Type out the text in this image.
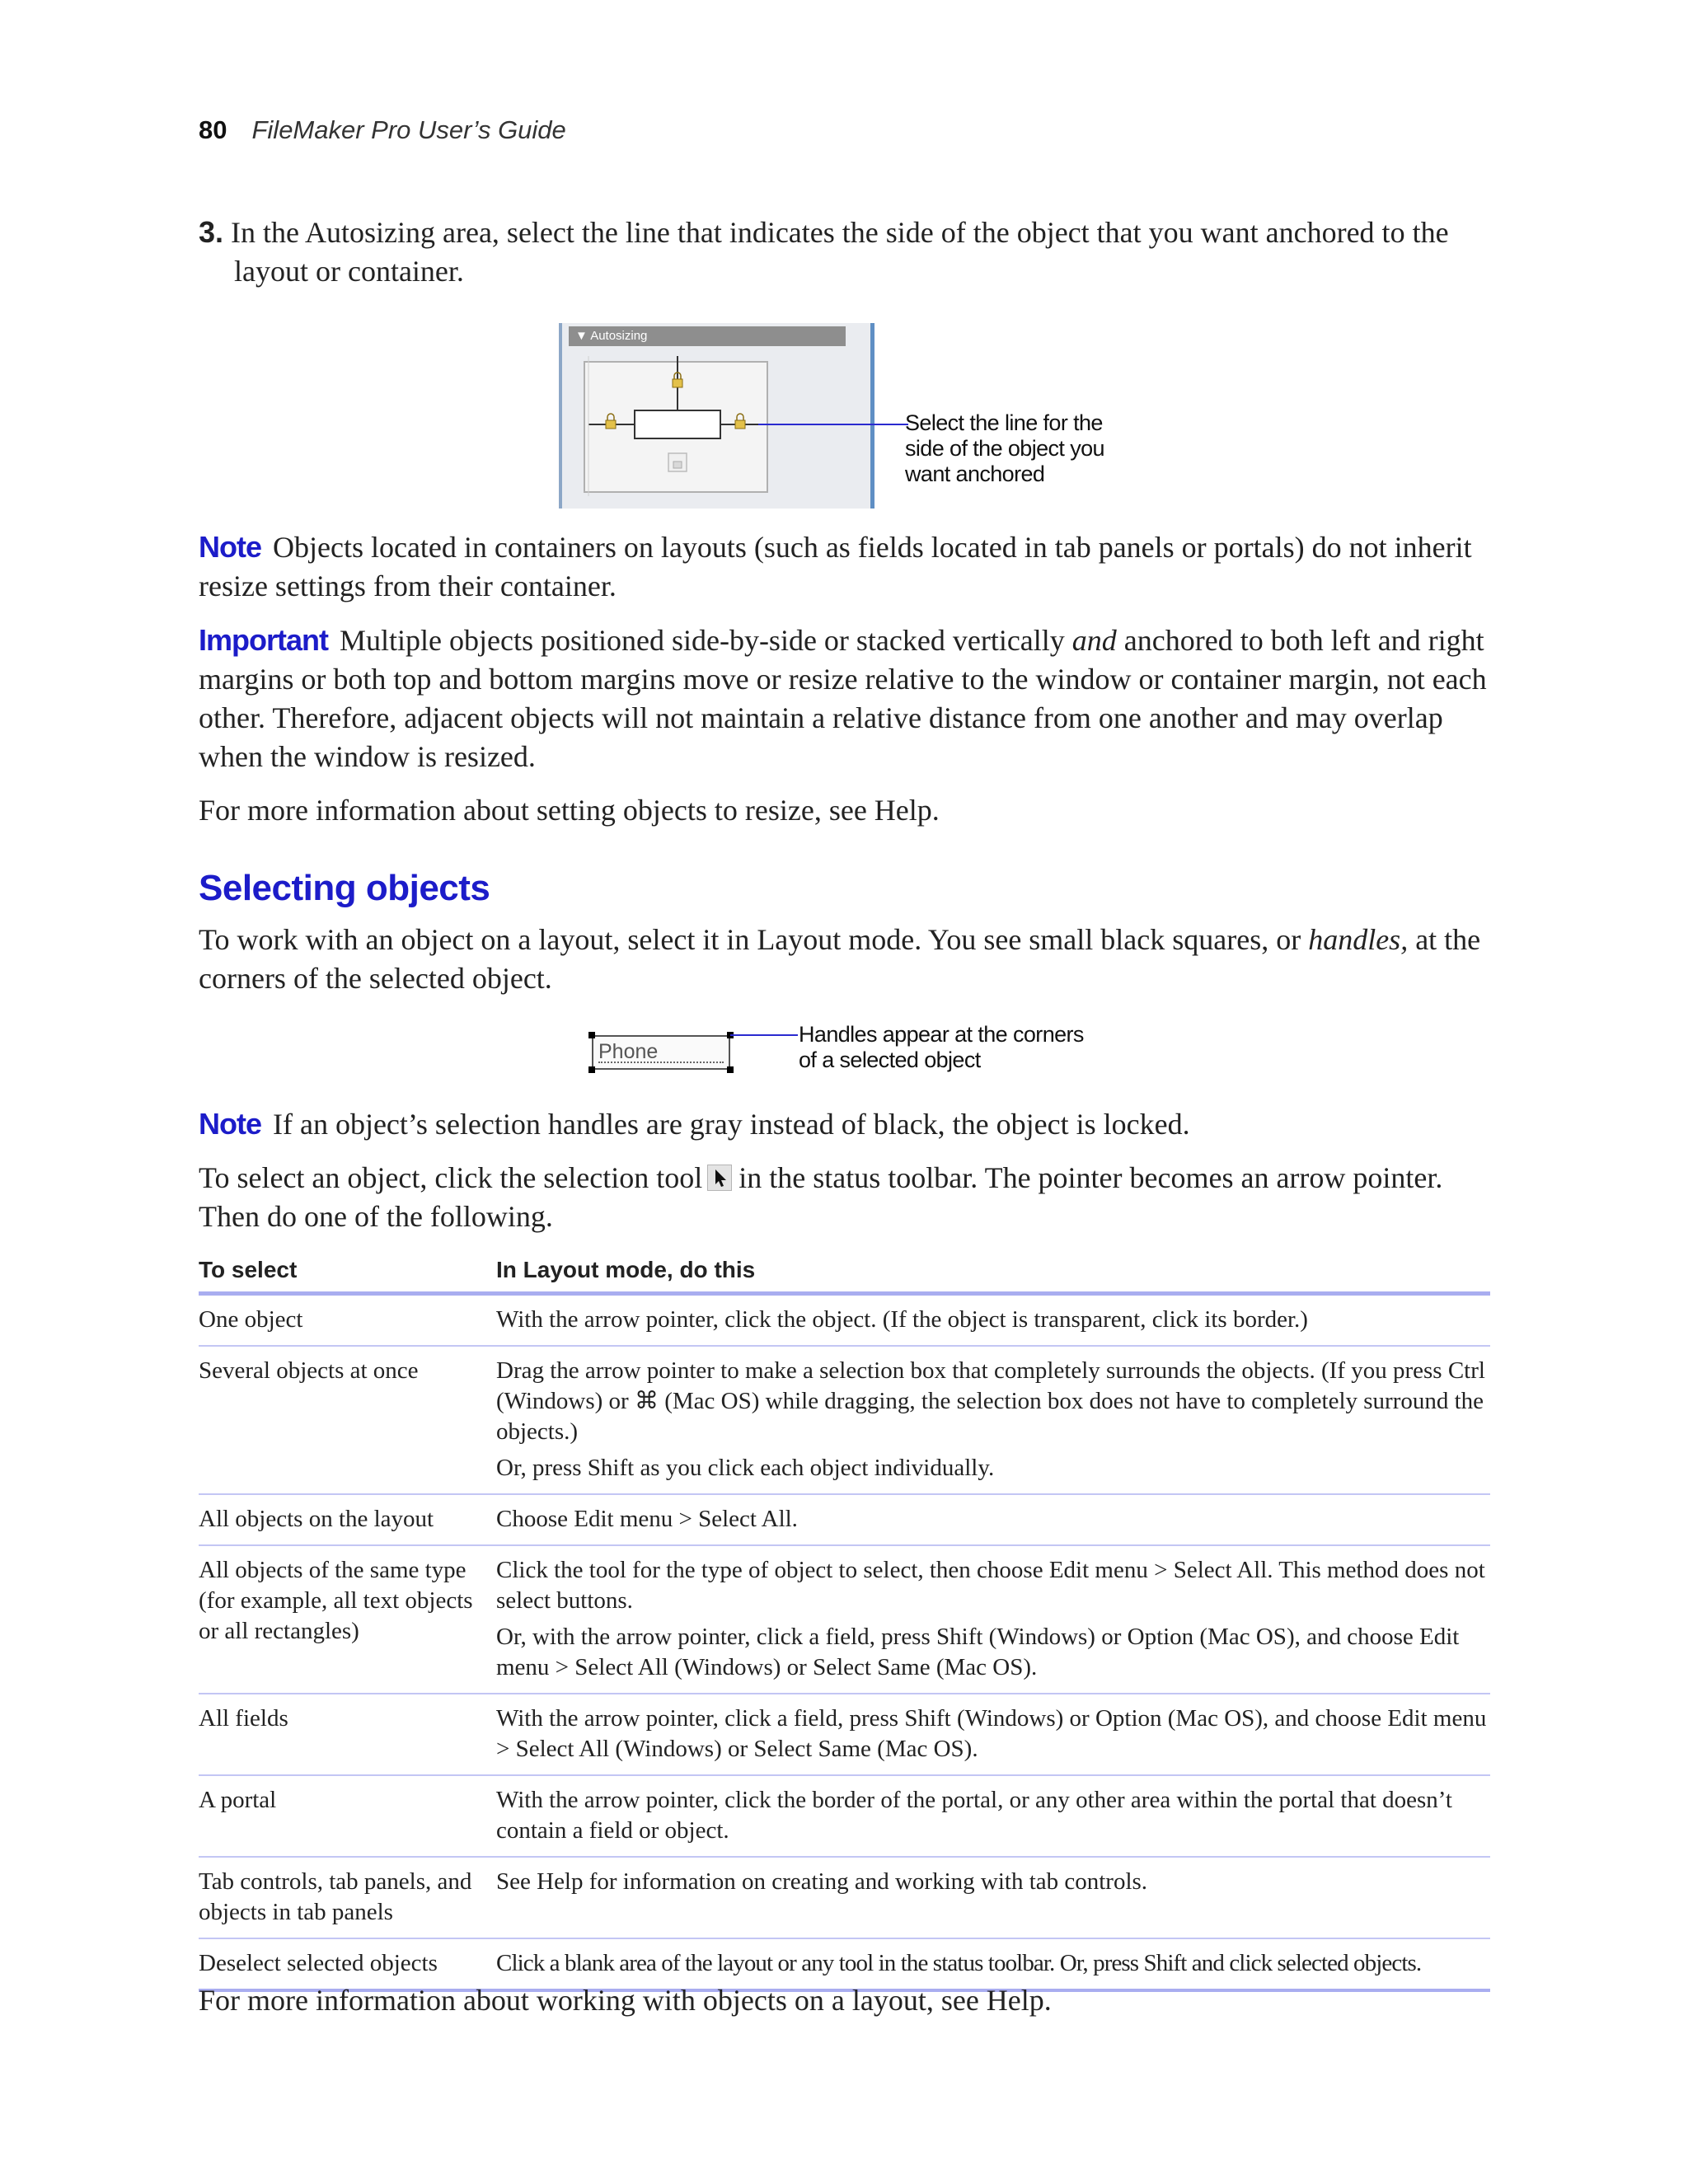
80 FileMaker Pro User’s Guide

3. In the Autosizing area, select the line that indicates the side of the object that you want anchored to the layout or container.

▼ Autosizing
Select the line for the
side of the object you
want anchored

Note Objects located in containers on layouts (such as fields located in tab panels or portals) do not inherit resize settings from their container.

Important Multiple objects positioned side-by-side or stacked vertically and anchored to both left and right margins or both top and bottom margins move or resize relative to the window or container margin, not each other. Therefore, adjacent objects will not maintain a relative distance from one another and may overlap when the window is resized.

For more information about setting objects to resize, see Help.

Selecting objects

To work with an object on a layout, select it in Layout mode. You see small black squares, or handles, at the corners of the selected object.

Phone
Handles appear at the corners
of a selected object

Note If an object’s selection handles are gray instead of black, the object is locked.

To select an object, click the selection tool in the status toolbar. The pointer becomes an arrow pointer. Then do one of the following.

To select	In Layout mode, do this
One object	With the arrow pointer, click the object. (If the object is transparent, click its border.)

Several objects at once	Drag the arrow pointer to make a selection box that completely surrounds the objects. (If you press Ctrl (Windows) or ⌘ (Mac OS) while dragging, the selection box does not have to completely surround the objects.)

Or, press Shift as you click each object individually.

All objects on the layout	Choose Edit menu > Select All.

All objects of the same type (for example, all text objects or all rectangles)	Click the tool for the type of object to select, then choose Edit menu > Select All. This method does not select buttons.

Or, with the arrow pointer, click a field, press Shift (Windows) or Option (Mac OS), and choose Edit menu > Select All (Windows) or Select Same (Mac OS).

All fields	With the arrow pointer, click a field, press Shift (Windows) or Option (Mac OS), and choose Edit menu > Select All (Windows) or Select Same (Mac OS).

A portal	With the arrow pointer, click the border of the portal, or any other area within the portal that doesn’t contain a field or object.

Tab controls, tab panels, and objects in tab panels	See Help for information on creating and working with tab controls.

Deselect selected objects	Click a blank area of the layout or any tool in the status toolbar. Or, press Shift and click selected objects.

For more information about working with objects on a layout, see Help.
